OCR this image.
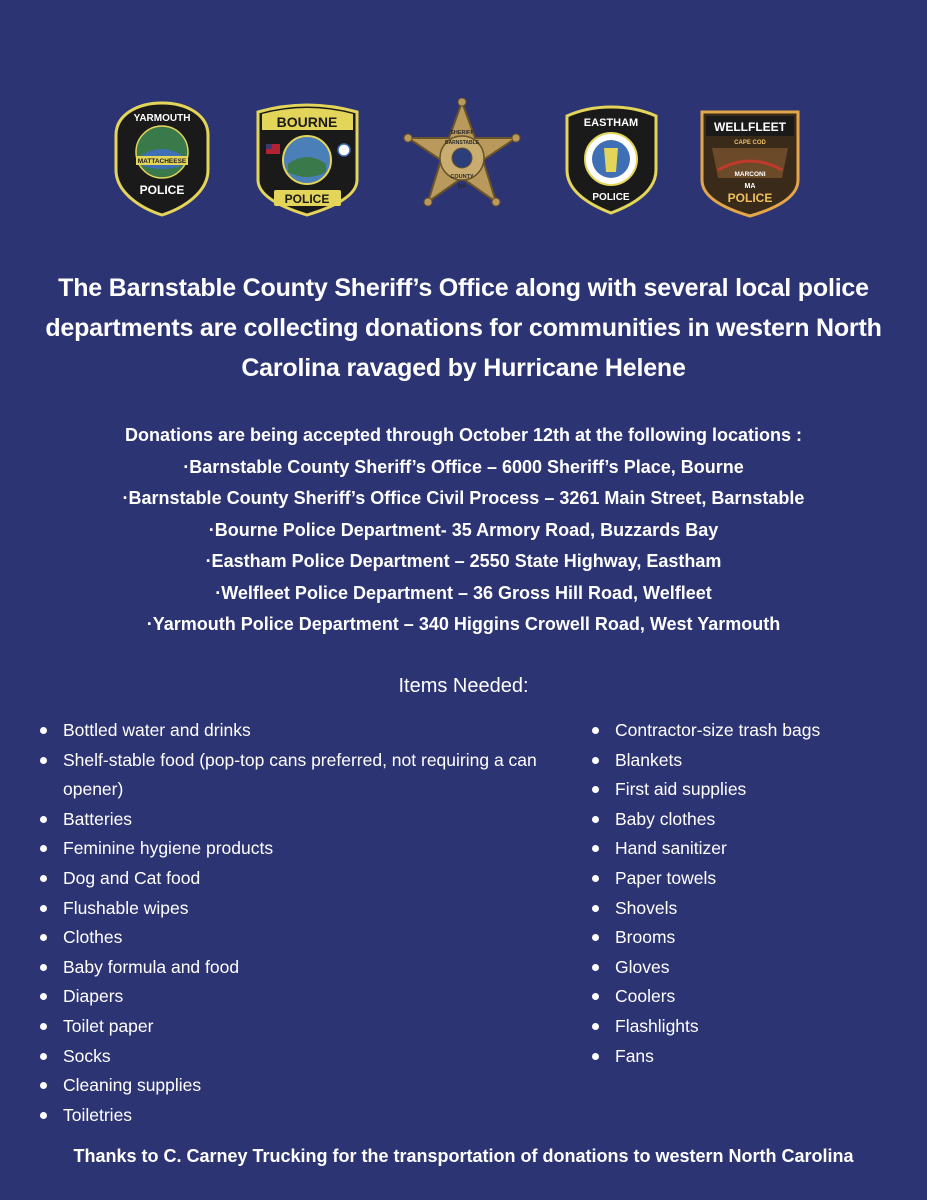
MATTACHEESE
YARMOUTH
POLICE
BOURNE
POLICE
SHERIFF
BARNSTABLE
COUNTY
MA
EASTHAM
POLICE
WELLFLEET
CAPE COD
MARCONI
MA
POLICE
The Barnstable County Sheriff’s Office along with several local police
departments are collecting donations for communities in western North
Carolina ravaged by Hurricane Helene
Donations are being accepted through October 12th at the following locations :
·Barnstable County Sheriff’s Office – 6000 Sheriff’s Place, Bourne
·Barnstable County Sheriff’s Office Civil Process – 3261 Main Street, Barnstable
·Bourne Police Department- 35 Armory Road, Buzzards Bay
·Eastham Police Department – 2550 State Highway, Eastham
·Welfleet Police Department – 36 Gross Hill Road, Welfleet
·Yarmouth Police Department – 340 Higgins Crowell Road, West Yarmouth
Items Needed:
Bottled water and drinks
Shelf-stable food (pop-top cans preferred, not requiring a can opener)
Batteries
Feminine hygiene products
Dog and Cat food
Flushable wipes
Clothes
Baby formula and food
Diapers
Toilet paper
Socks
Cleaning supplies
Toiletries
Contractor-size trash bags
Blankets
First aid supplies
Baby clothes
Hand sanitizer
Paper towels
Shovels
Brooms
Gloves
Coolers
Flashlights
Fans
Thanks to C. Carney Trucking for the transportation of donations to western North Carolina
